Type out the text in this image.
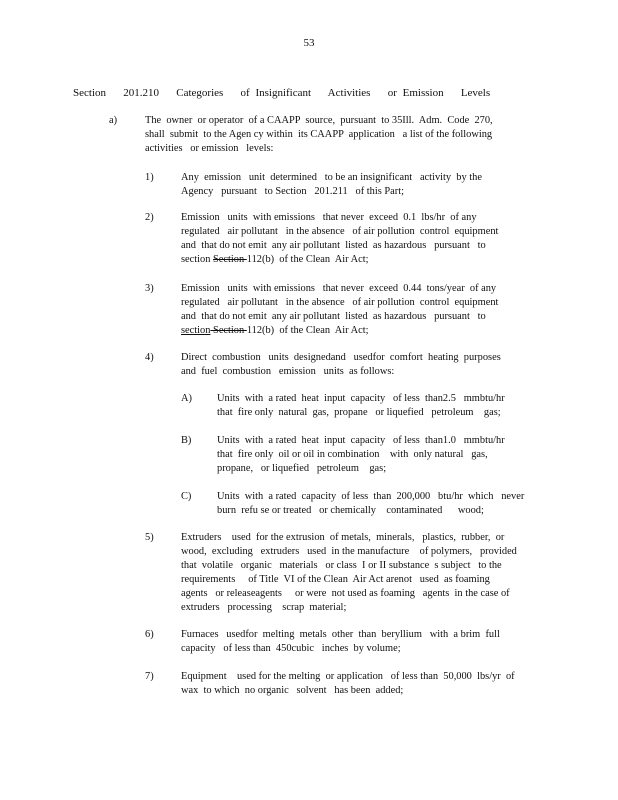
53
Section   201.210   Categories   of Insignificant   Activities   or Emission   Levels
a)	The  owner  or operator  of a CAAPP  source,  pursuant  to 35Ill.  Adm.  Code  270,
shall  submit  to the Agen cy within  its CAAPP  application   a list of the following
activities   or emission   levels:
1)	Any  emission   unit  determined   to be an insignificant   activity  by the
Agency   pursuant   to Section   201.211   of this Part;
2)	Emission   units  with emissions   that never  exceed  0.1  lbs/hr  of any
regulated   air pollutant   in the absence   of air pollution  control  equipment
and  that do not emit  any air pollutant  listed  as hazardous   pursuant   to
section Section 112(b)  of the Clean  Air Act;
3)	Emission   units  with emissions   that never  exceed  0.44  tons/year  of any
regulated   air pollutant   in the absence   of air pollution  control  equipment
and  that do not emit  any air pollutant  listed  as hazardous   pursuant   to
section Section 112(b)  of the Clean  Air Act;
4)	Direct  combustion   units  designedand   usedfor  comfort  heating  purposes
and  fuel  combustion   emission   units  as follows:
A) Units  with  a rated  heat  input  capacity   of less  than2.5   mmbtu/hr
that  fire only  natural  gas,  propane   or liquefied   petroleum    gas;
B) Units  with  a rated  heat  input  capacity   of less  than1.0   mmbtu/hr
that  fire only  oil or oil in combination    with  only natural   gas,
propane,   or liquefied   petroleum    gas;
C) Units  with  a rated  capacity  of less  than  200,000   btu/hr  which   never
burn  refu se or treated   or chemically    contaminated      wood;
5)	Extruders    used  for the extrusion  of metals,  minerals,   plastics,  rubber,  or
wood,  excluding   extruders   used  in the manufacture    of polymers,   provided
that  volatile   organic   materials   or class  I or II substance  s subject   to the
requirements     of Title  VI of the Clean  Air Act arenot   used  as foaming
agents   or releaseagents     or were  not used as foaming   agents  in the case of
extruders   processing    scrap  material;
6)	Furnaces   usedfor  melting  metals  other  than  beryllium   with  a brim  full
capacity   of less than  450cubic   inches  by volume;
7)	Equipment    used for the melting  or application   of less than  50,000  lbs/yr  of
wax  to which  no organic   solvent   has been  added;
